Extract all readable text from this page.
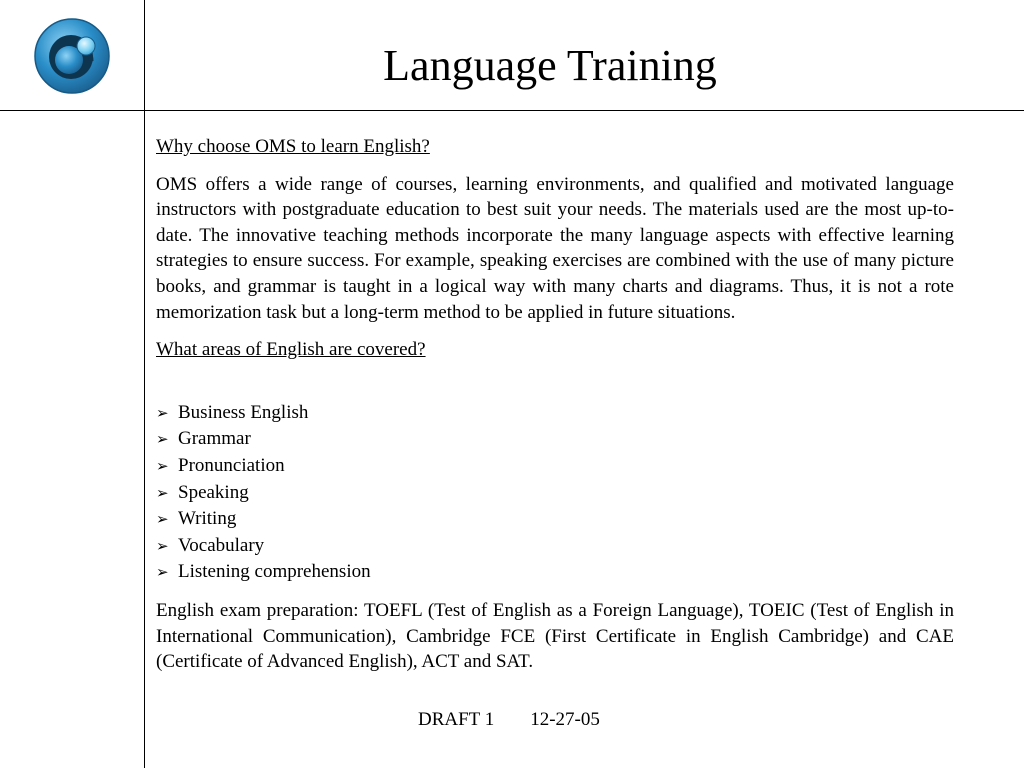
Language Training

Why choose OMS to learn English?

OMS offers a wide range of courses, learning environments, and qualified and motivated language instructors with postgraduate education to best suit your needs. The materials used are the most up-to-date. The innovative teaching methods incorporate the many language aspects with effective learning strategies to ensure success. For example, speaking exercises are combined with the use of many picture books, and grammar is taught in a logical way with many charts and diagrams. Thus, it is not a rote memorization task but a long-term method to be applied in future situations.

What areas of English are covered?

➢ Business English
➢ Grammar
➢ Pronunciation
➢ Speaking
➢ Writing
➢ Vocabulary
➢ Listening comprehension

English exam preparation: TOEFL (Test of English as a Foreign Language), TOEIC (Test of English in International Communication), Cambridge FCE (First Certificate in English Cambridge) and CAE (Certificate of Advanced English), ACT and SAT.

DRAFT 1 12-27-05
